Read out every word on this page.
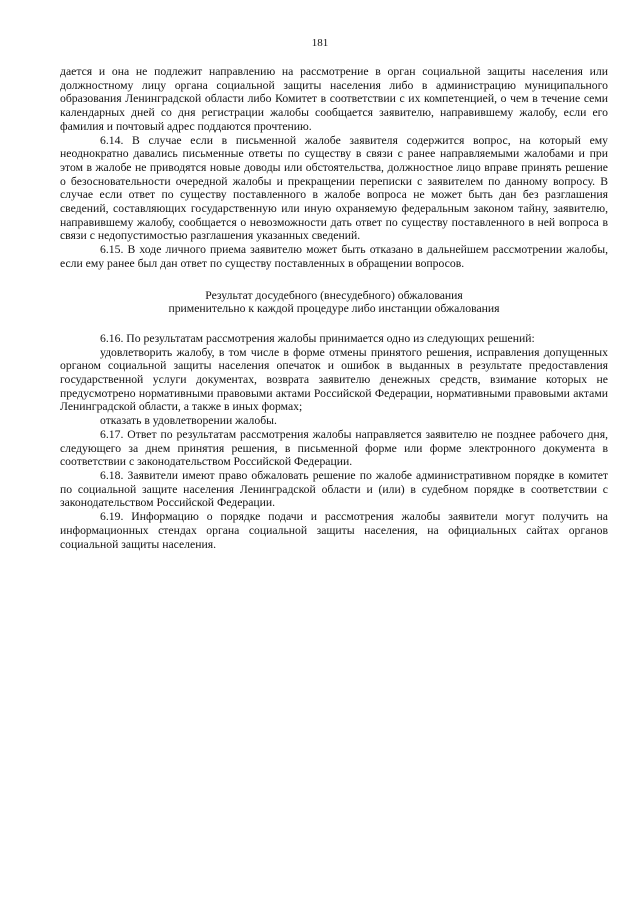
181

дается и она не подлежит направлению на рассмотрение в орган социальной защиты населения или должностному лицу органа социальной защиты населения либо в администрацию муниципального образования Ленинградской области либо Комитет в соответствии с их компетенцией, о чем в течение семи календарных дней со дня регистрации жалобы сообщается заявителю, направившему жалобу, если его фамилия и почтовый адрес поддаются прочтению.

6.14. В случае если в письменной жалобе заявителя содержится вопрос, на который ему неоднократно давались письменные ответы по существу в связи с ранее направляемыми жалобами и при этом в жалобе не приводятся новые доводы или обстоятельства, должностное лицо вправе принять решение о безосновательности очередной жалобы и прекращении переписки с заявителем по данному вопросу. В случае если ответ по существу поставленного в жалобе вопроса не может быть дан без разглашения сведений, составляющих государственную или иную охраняемую федеральным законом тайну, заявителю, направившему жалобу, сообщается о невозможности дать ответ по существу поставленного в ней вопроса в связи с недопустимостью разглашения указанных сведений.

6.15. В ходе личного приема заявителю может быть отказано в дальнейшем рассмотрении жалобы, если ему ранее был дан ответ по существу поставленных в обращении вопросов.

Результат досудебного (внесудебного) обжалования
применительно к каждой процедуре либо инстанции обжалования

6.16. По результатам рассмотрения жалобы принимается одно из следующих решений:

удовлетворить жалобу, в том числе в форме отмены принятого решения, исправления допущенных органом социальной защиты населения опечаток и ошибок в выданных в результате предоставления государственной услуги документах, возврата заявителю денежных средств, взимание которых не предусмотрено нормативными правовыми актами Российской Федерации, нормативными правовыми актами Ленинградской области, а также в иных формах;

отказать в удовлетворении жалобы.

6.17. Ответ по результатам рассмотрения жалобы направляется заявителю не позднее рабочего дня, следующего за днем принятия решения, в письменной форме или форме электронного документа в соответствии с законодательством Российской Федерации.

6.18. Заявители имеют право обжаловать решение по жалобе административном порядке в комитет по социальной защите населения Ленинградской области и (или) в судебном порядке в соответствии с законодательством Российской Федерации.

6.19. Информацию о порядке подачи и рассмотрения жалобы заявители могут получить на информационных стендах органа социальной защиты населения, на официальных сайтах органов социальной защиты населения.
